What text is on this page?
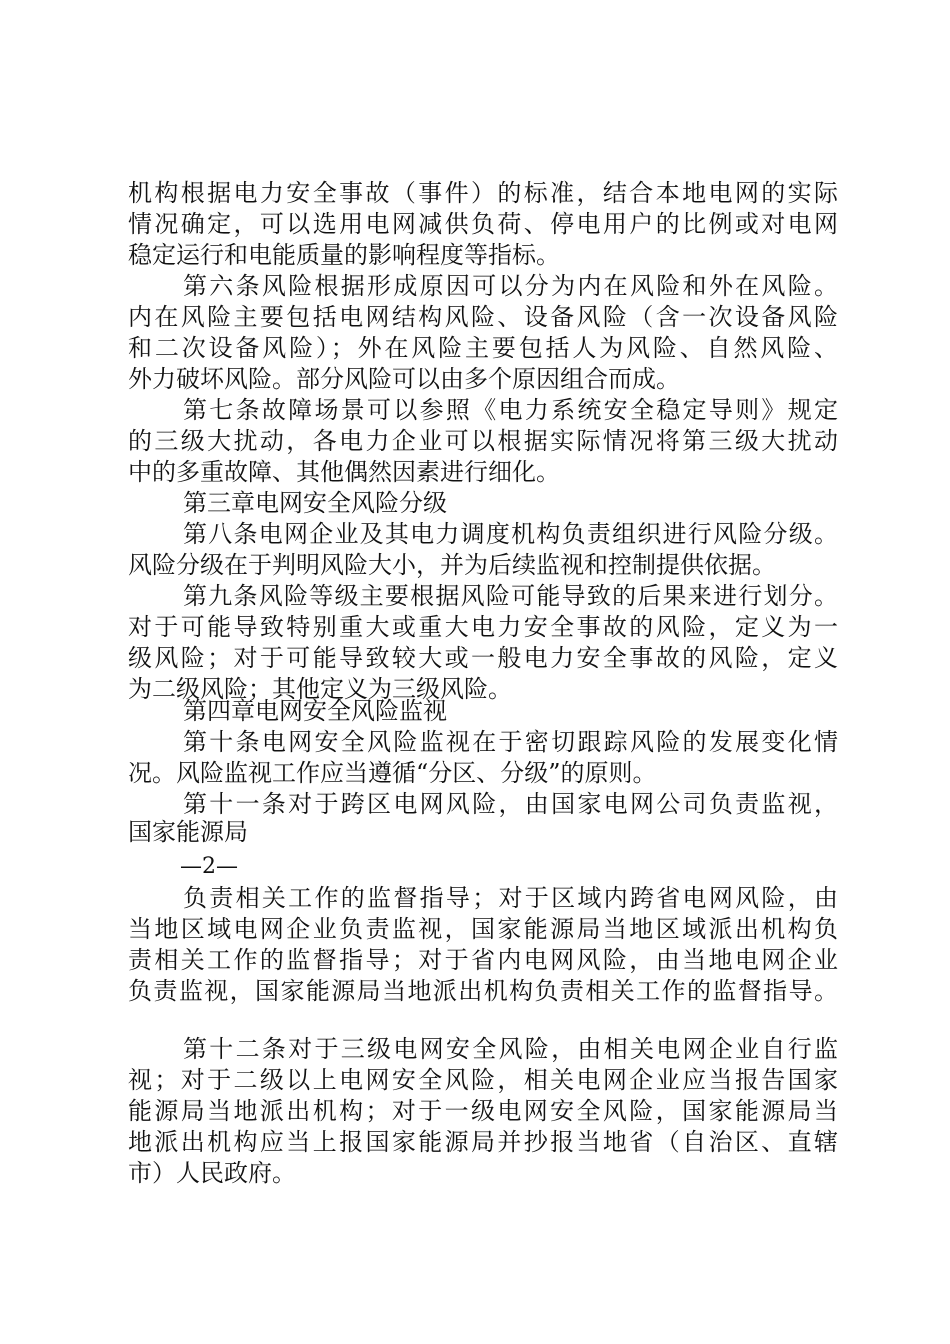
机构根据电力安全事故（事件）的标准，结合本地电网的实际
情况确定，可以选用电网减供负荷、停电用户的比例或对电网
稳定运行和电能质量的影响程度等指标。
第六条风险根据形成原因可以分为内在风险和外在风险。
内在风险主要包括电网结构风险、设备风险（含一次设备风险
和二次设备风险）；外在风险主要包括人为风险、自然风险、
外力破坏风险。部分风险可以由多个原因组合而成。
第七条故障场景可以参照《电力系统安全稳定导则》规定
的三级大扰动，各电力企业可以根据实际情况将第三级大扰动
中的多重故障、其他偶然因素进行细化。
第三章电网安全风险分级
第八条电网企业及其电力调度机构负责组织进行风险分级。
风险分级在于判明风险大小，并为后续监视和控制提供依据。
第九条风险等级主要根据风险可能导致的后果来进行划分。
对于可能导致特别重大或重大电力安全事故的风险，定义为一
级风险；对于可能导致较大或一般电力安全事故的风险，定义
为二级风险；其他定义为三级风险。
第四章电网安全风险监视
第十条电网安全风险监视在于密切跟踪风险的发展变化情
况。风险监视工作应当遵循“分区、分级”的原则。
第十一条对于跨区电网风险，由国家电网公司负责监视，
国家能源局
—2—
负责相关工作的监督指导；对于区域内跨省电网风险，由
当地区域电网企业负责监视，国家能源局当地区域派出机构负
责相关工作的监督指导；对于省内电网风险，由当地电网企业
负责监视，国家能源局当地派出机构负责相关工作的监督指导。
第十二条对于三级电网安全风险，由相关电网企业自行监
视；对于二级以上电网安全风险，相关电网企业应当报告国家
能源局当地派出机构；对于一级电网安全风险，国家能源局当
地派出机构应当上报国家能源局并抄报当地省（自治区、直辖
市）人民政府。
